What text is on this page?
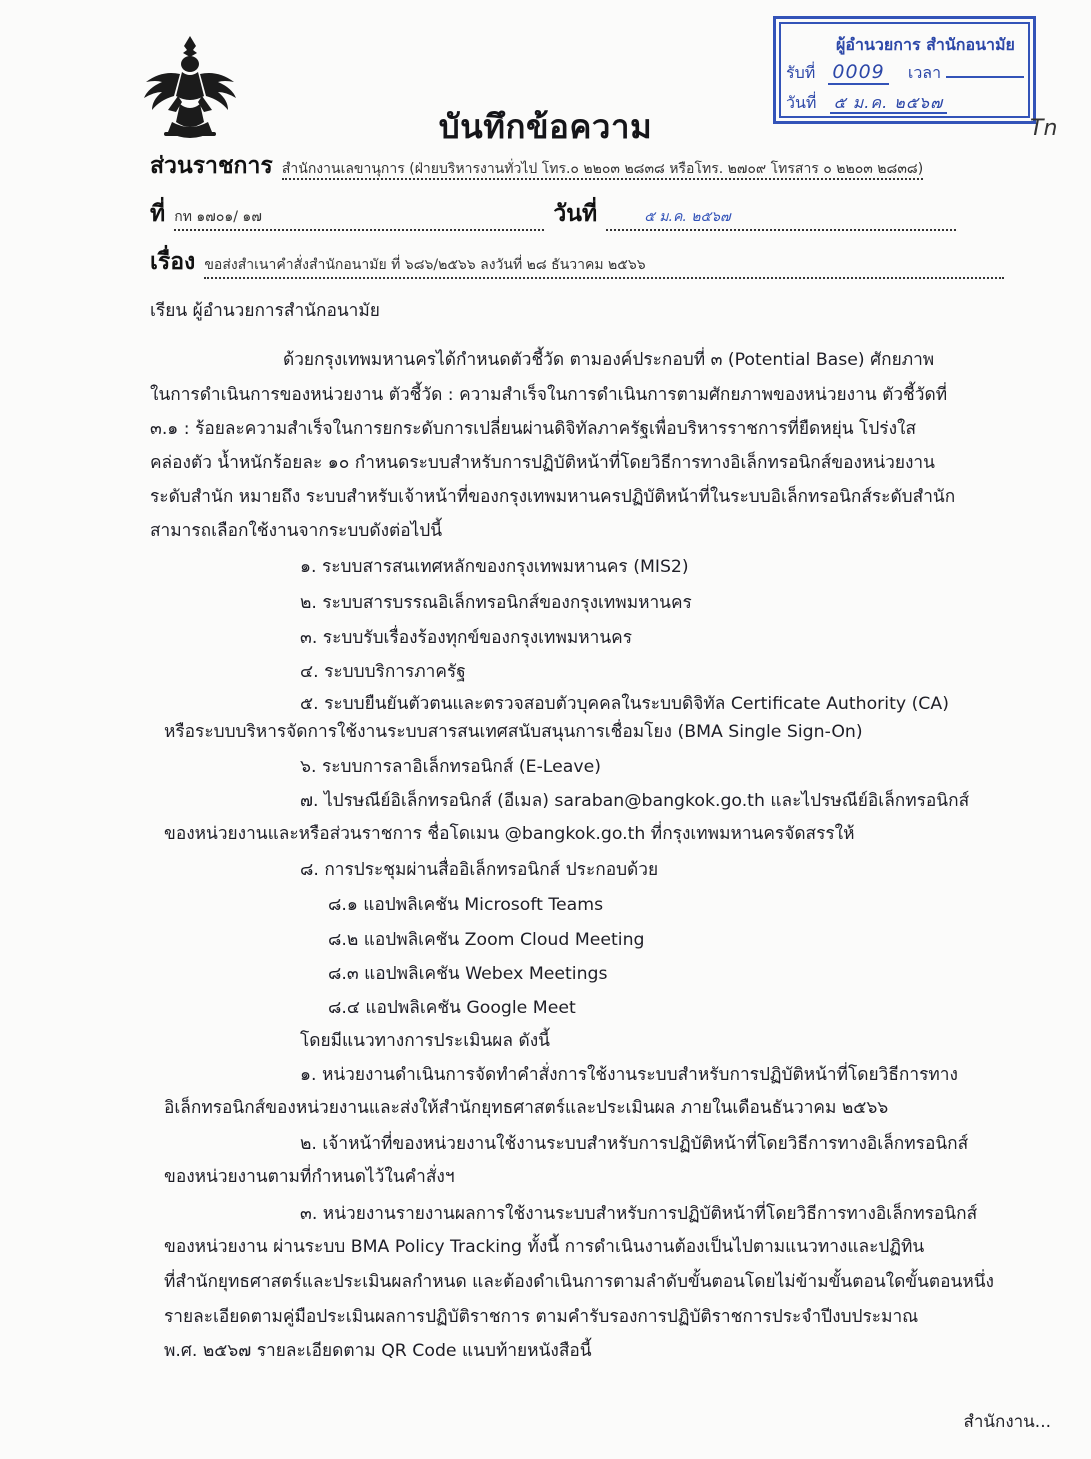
ผู้อำนวยการ สำนักอนามัย
รับที่ 0009 เวลา
วันที่ ๕ ม.ค. ๒๕๖๗
บันทึกข้อความ	Tn
ส่วนราชการ สำนักงานเลขานุการ (ฝ่ายบริหารงานทั่วไป โทร.๐ ๒๒๐๓ ๒๘๓๘ หรือโทร. ๒๗๐๙ โทรสาร ๐ ๒๒๐๓ ๒๘๓๘)
ที่ กท ๑๗๐๑/ ๑๗	วันที่	๕ ม.ค. ๒๕๖๗
เรื่อง ขอส่งสำเนาคำสั่งสำนักอนามัย ที่ ๖๘๖/๒๕๖๖ ลงวันที่ ๒๘ ธันวาคม ๒๕๖๖
เรียน ผู้อำนวยการสำนักอนามัย
ด้วยกรุงเทพมหานครได้กำหนดตัวชี้วัด ตามองค์ประกอบที่ ๓ (Potential Base) ศักยภาพ
ในการดำเนินการของหน่วยงาน ตัวชี้วัด : ความสำเร็จในการดำเนินการตามศักยภาพของหน่วยงาน ตัวชี้วัดที่
๓.๑ : ร้อยละความสำเร็จในการยกระดับการเปลี่ยนผ่านดิจิทัลภาครัฐเพื่อบริหารราชการที่ยืดหยุ่น โปร่งใส
คล่องตัว น้ำหนักร้อยละ ๑๐ กำหนดระบบสำหรับการปฏิบัติหน้าที่โดยวิธีการทางอิเล็กทรอนิกส์ของหน่วยงาน
ระดับสำนัก หมายถึง ระบบสำหรับเจ้าหน้าที่ของกรุงเทพมหานครปฏิบัติหน้าที่ในระบบอิเล็กทรอนิกส์ระดับสำนัก
สามารถเลือกใช้งานจากระบบดังต่อไปนี้
๑. ระบบสารสนเทศหลักของกรุงเทพมหานคร (MIS2)
๒. ระบบสารบรรณอิเล็กทรอนิกส์ของกรุงเทพมหานคร
๓. ระบบรับเรื่องร้องทุกข์ของกรุงเทพมหานคร
๔. ระบบบริการภาครัฐ
๕. ระบบยืนยันตัวตนและตรวจสอบตัวบุคคลในระบบดิจิทัล Certificate Authority (CA)
หรือระบบบริหารจัดการใช้งานระบบสารสนเทศสนับสนุนการเชื่อมโยง (BMA Single Sign-On)
๖. ระบบการลาอิเล็กทรอนิกส์ (E-Leave)
๗. ไปรษณีย์อิเล็กทรอนิกส์ (อีเมล) saraban@bangkok.go.th และไปรษณีย์อิเล็กทรอนิกส์
ของหน่วยงานและหรือส่วนราชการ ชื่อโดเมน @bangkok.go.th ที่กรุงเทพมหานครจัดสรรให้
๘. การประชุมผ่านสื่ออิเล็กทรอนิกส์ ประกอบด้วย
๘.๑ แอปพลิเคชัน Microsoft Teams
๘.๒ แอปพลิเคชัน Zoom Cloud Meeting
๘.๓ แอปพลิเคชัน Webex Meetings
๘.๔ แอปพลิเคชัน Google Meet
โดยมีแนวทางการประเมินผล ดังนี้
๑. หน่วยงานดำเนินการจัดทำคำสั่งการใช้งานระบบสำหรับการปฏิบัติหน้าที่โดยวิธีการทาง
อิเล็กทรอนิกส์ของหน่วยงานและส่งให้สำนักยุทธศาสตร์และประเมินผล ภายในเดือนธันวาคม ๒๕๖๖
๒. เจ้าหน้าที่ของหน่วยงานใช้งานระบบสำหรับการปฏิบัติหน้าที่โดยวิธีการทางอิเล็กทรอนิกส์
ของหน่วยงานตามที่กำหนดไว้ในคำสั่งฯ
๓. หน่วยงานรายงานผลการใช้งานระบบสำหรับการปฏิบัติหน้าที่โดยวิธีการทางอิเล็กทรอนิกส์
ของหน่วยงาน ผ่านระบบ BMA Policy Tracking ทั้งนี้ การดำเนินงานต้องเป็นไปตามแนวทางและปฏิทิน
ที่สำนักยุทธศาสตร์และประเมินผลกำหนด และต้องดำเนินการตามลำดับขั้นตอนโดยไม่ข้ามขั้นตอนใดขั้นตอนหนึ่ง
รายละเอียดตามคู่มือประเมินผลการปฏิบัติราชการ ตามคำรับรองการปฏิบัติราชการประจำปีงบประมาณ
พ.ศ. ๒๕๖๗ รายละเอียดตาม QR Code แนบท้ายหนังสือนี้
สำนักงาน...
